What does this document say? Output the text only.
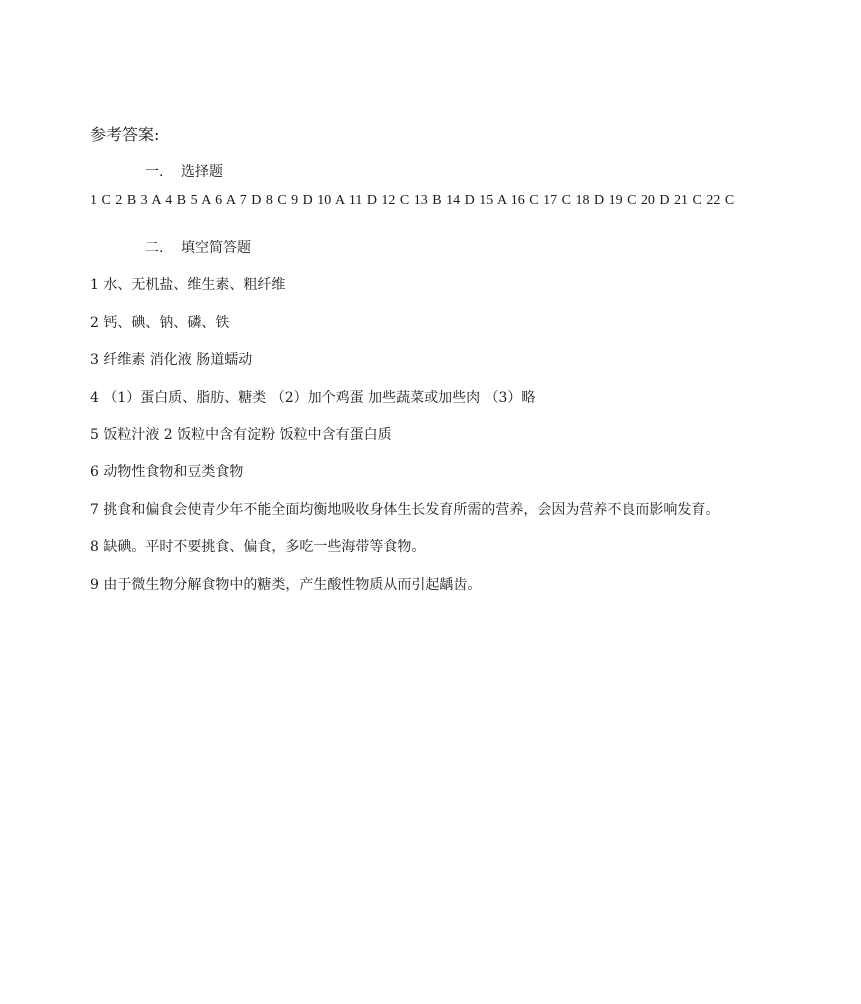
参考答案:
一. 选择题
1 C 2 B 3 A 4 B 5 A 6 A 7 D 8 C 9 D 10 A 11 D 12 C 13 B 14 D 15 A 16 C 17 C 18 D 19 C 20 D 21 C 22 C
二. 填空简答题
1 水、无机盐、维生素、粗纤维
2 钙、碘、钠、磷、铁
3 纤维素 消化液 肠道蠕动
4 （1）蛋白质、脂肪、糖类 （2）加个鸡蛋 加些蔬菜或加些肉 （3）略
5 饭粒汁液 2 饭粒中含有淀粉 饭粒中含有蛋白质
6 动物性食物和豆类食物
7 挑食和偏食会使青少年不能全面均衡地吸收身体生长发育所需的营养，会因为营养不良而影响发育。
8 缺碘。平时不要挑食、偏食，多吃一些海带等食物。
9 由于微生物分解食物中的糖类，产生酸性物质从而引起龋齿。
